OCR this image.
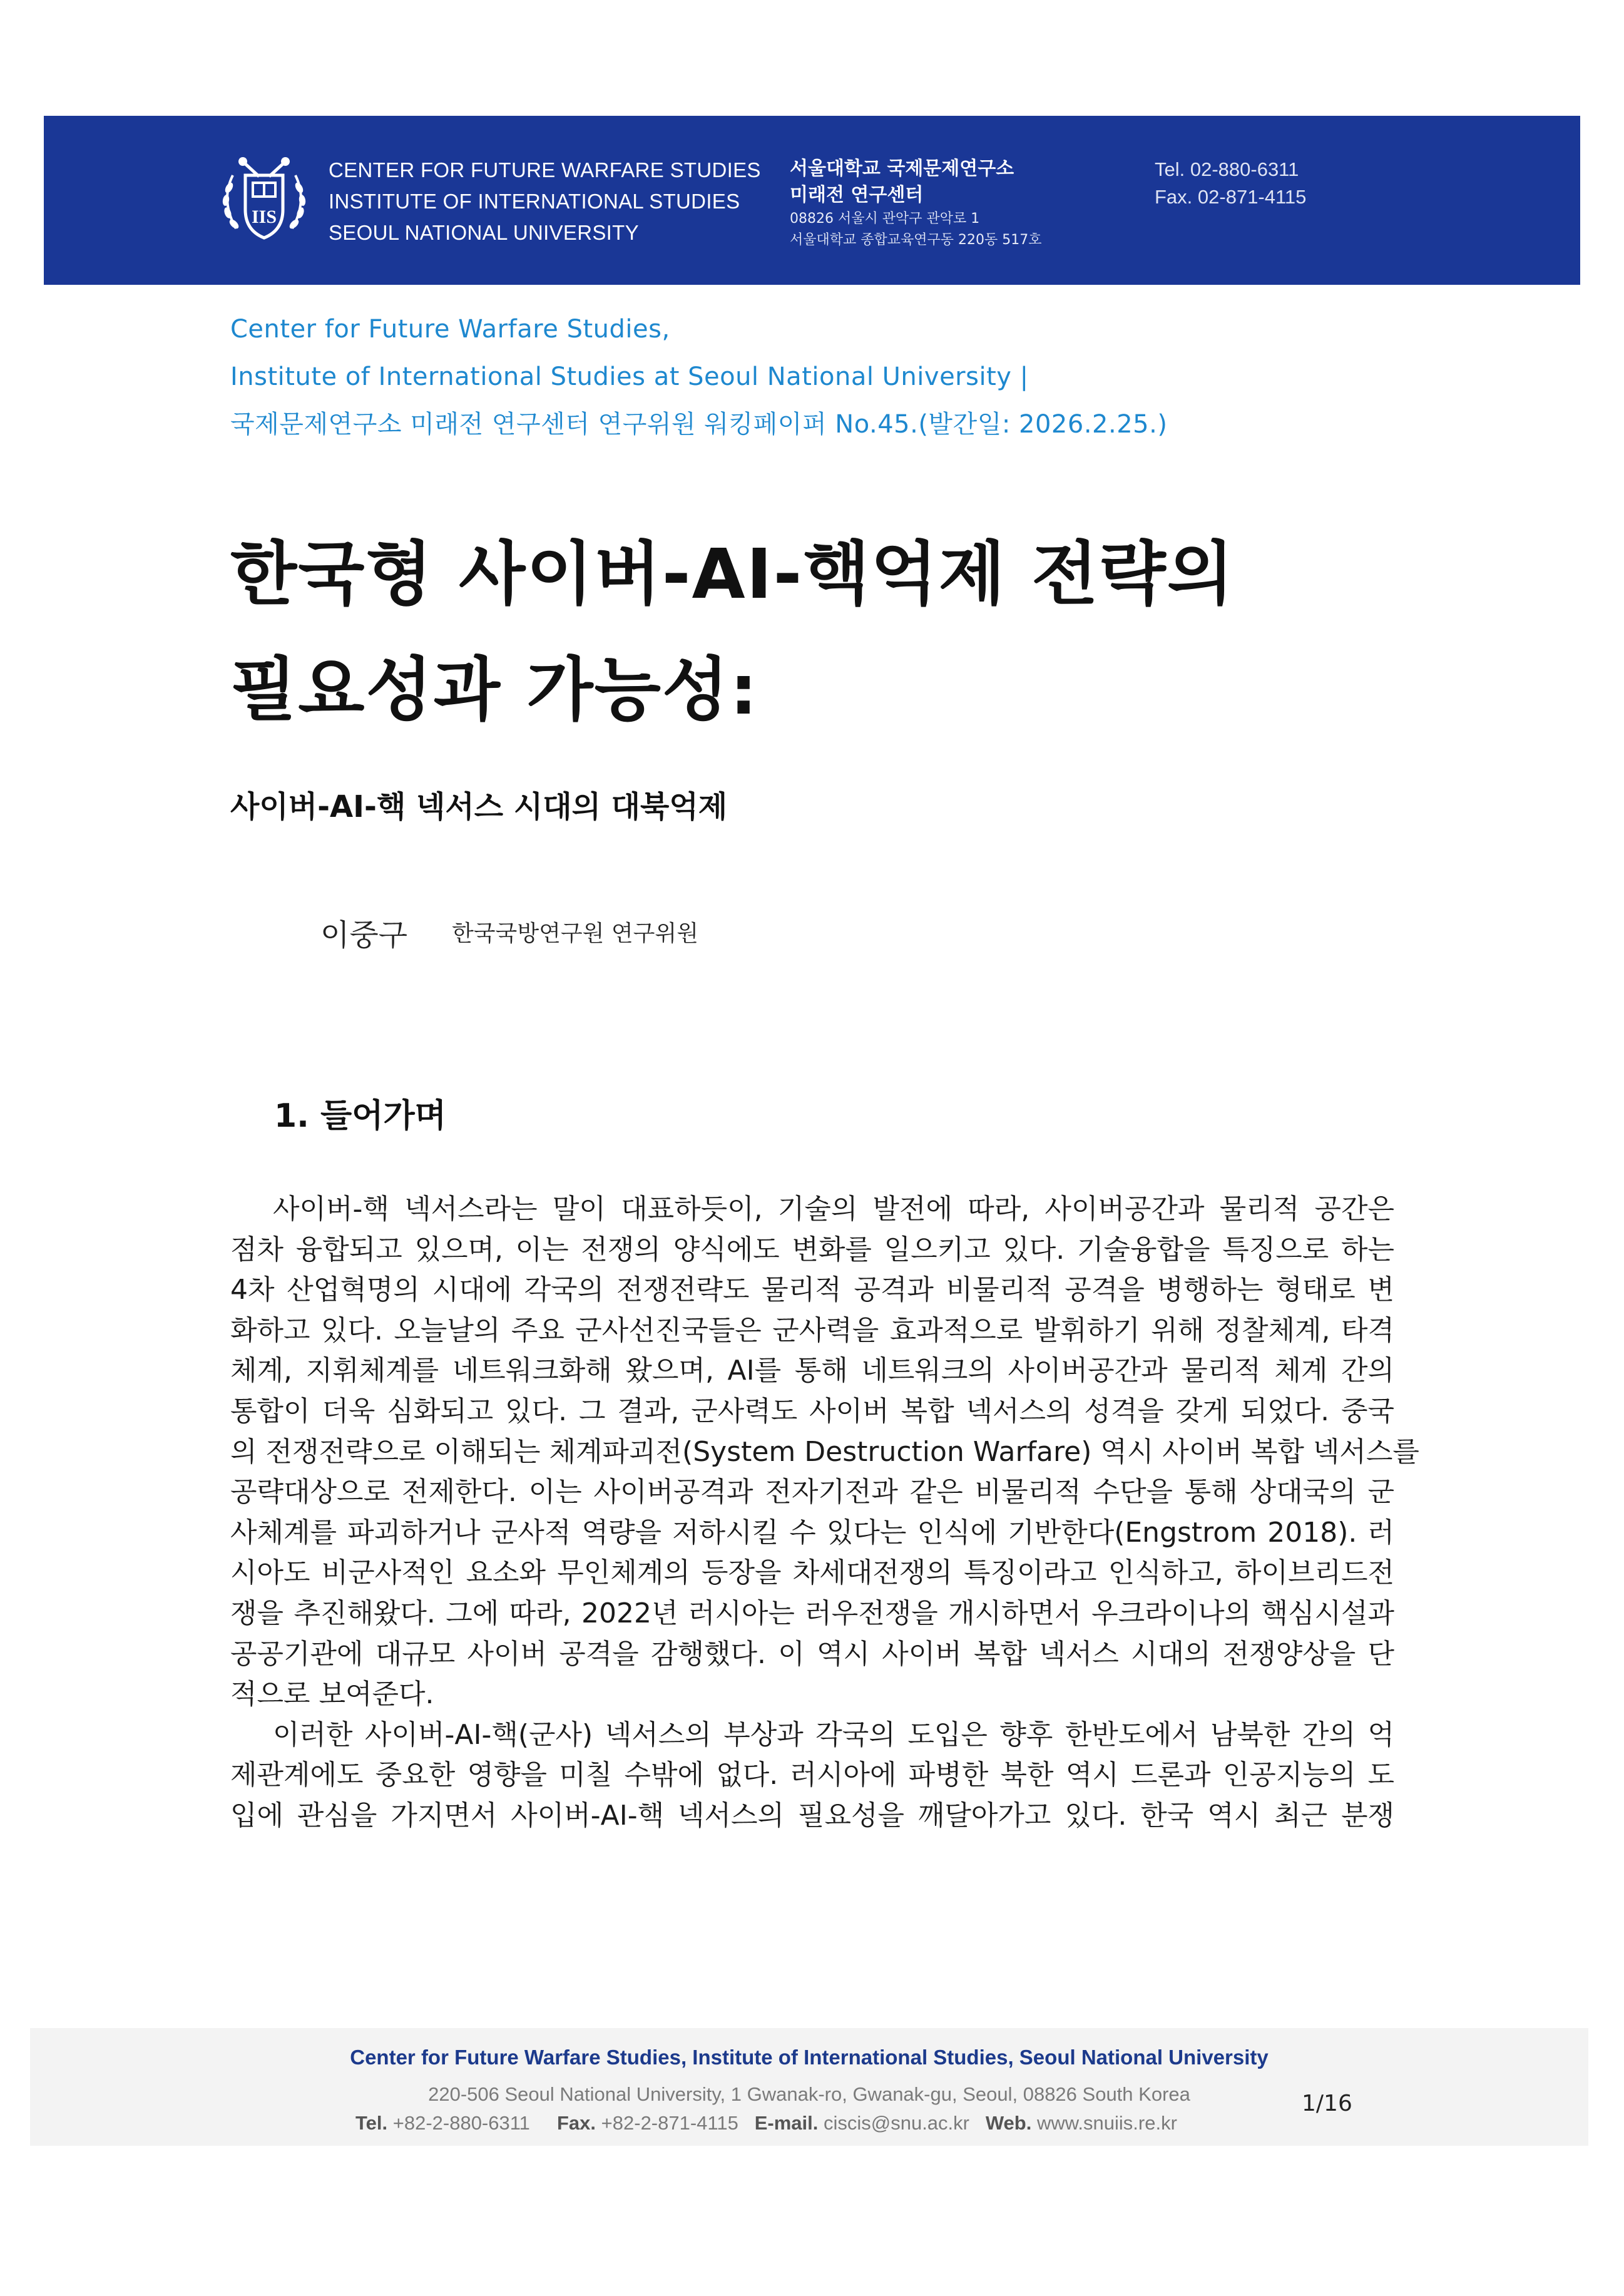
IIS
CENTER FOR FUTURE WARFARE STUDIES
INSTITUTE OF INTERNATIONAL STUDIES
SEOUL NATIONAL UNIVERSITY
서울대학교 국제문제연구소
미래전 연구센터
08826 서울시 관악구 관악로 1
서울대학교 종합교육연구동 220동 517호
Tel. 02-880-6311
Fax. 02-871-4115
Center for Future Warfare Studies,
Institute of International Studies at Seoul National University |
국제문제연구소 미래전 연구센터 연구위원 워킹페이퍼 No.45.(발간일: 2026.2.25.)
한국형 사이버-AI-핵억제 전략의
필요성과 가능성:
사이버-AI-핵 넥서스 시대의 대북억제
이중구 한국국방연구원 연구위원
1. 들어가며
사이버-핵 넥서스라는 말이 대표하듯이, 기술의 발전에 따라, 사이버공간과 물리적 공간은
점차 융합되고 있으며, 이는 전쟁의 양식에도 변화를 일으키고 있다. 기술융합을 특징으로 하는
4차 산업혁명의 시대에 각국의 전쟁전략도 물리적 공격과 비물리적 공격을 병행하는 형태로 변
화하고 있다. 오늘날의 주요 군사선진국들은 군사력을 효과적으로 발휘하기 위해 정찰체계, 타격
체계, 지휘체계를 네트워크화해 왔으며, AI를 통해 네트워크의 사이버공간과 물리적 체계 간의
통합이 더욱 심화되고 있다. 그 결과, 군사력도 사이버 복합 넥서스의 성격을 갖게 되었다. 중국
의 전쟁전략으로 이해되는 체계파괴전(System Destruction Warfare) 역시 사이버 복합 넥서스를
공략대상으로 전제한다. 이는 사이버공격과 전자기전과 같은 비물리적 수단을 통해 상대국의 군
사체계를 파괴하거나 군사적 역량을 저하시킬 수 있다는 인식에 기반한다(Engstrom 2018). 러
시아도 비군사적인 요소와 무인체계의 등장을 차세대전쟁의 특징이라고 인식하고, 하이브리드전
쟁을 추진해왔다. 그에 따라, 2022년 러시아는 러우전쟁을 개시하면서 우크라이나의 핵심시설과
공공기관에 대규모 사이버 공격을 감행했다. 이 역시 사이버 복합 넥서스 시대의 전쟁양상을 단
적으로 보여준다.
이러한 사이버-AI-핵(군사) 넥서스의 부상과 각국의 도입은 향후 한반도에서 남북한 간의 억
제관계에도 중요한 영향을 미칠 수밖에 없다. 러시아에 파병한 북한 역시 드론과 인공지능의 도
입에 관심을 가지면서 사이버-AI-핵 넥서스의 필요성을 깨달아가고 있다. 한국 역시 최근 분쟁
Center for Future Warfare Studies, Institute of International Studies, Seoul National University
220-506 Seoul National University, 1 Gwanak-ro, Gwanak-gu, Seoul, 08826 South Korea
Tel. +82-2-880-6311 Fax. +82-2-871-4115 E-mail. ciscis@snu.ac.kr Web. www.snuiis.re.kr
1/16
